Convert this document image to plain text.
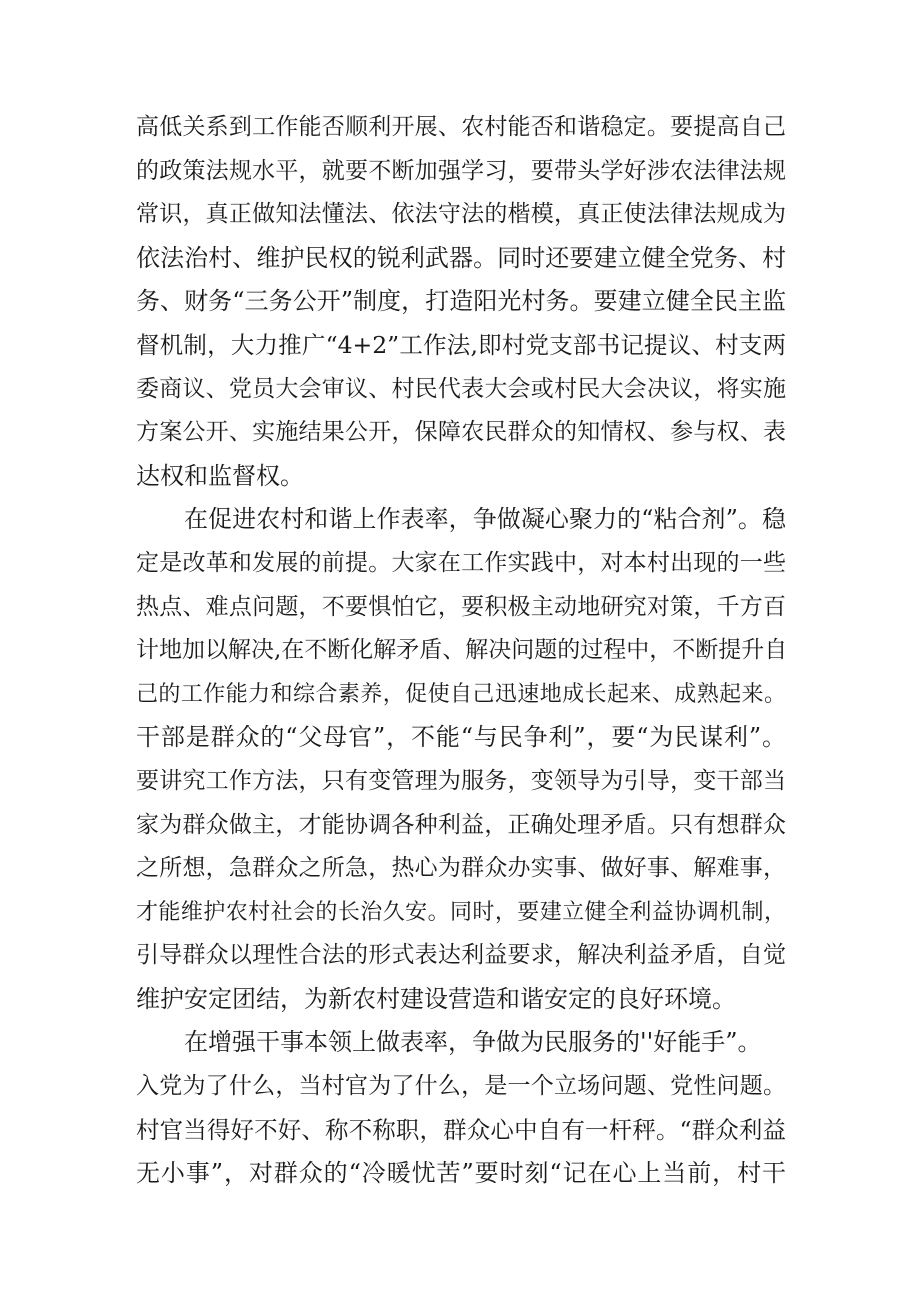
高低关系到工作能否顺利开展、农村能否和谐稳定。要提高自己
的政策法规水平，就要不断加强学习，要带头学好涉农法律法规
常识，真正做知法懂法、依法守法的楷模，真正使法律法规成为
依法治村、维护民权的锐利武器。同时还要建立健全党务、村
务、财务“三务公开”制度，打造阳光村务。要建立健全民主监
督机制，大力推广“4+2”工作法,即村党支部书记提议、村支两
委商议、党员大会审议、村民代表大会或村民大会决议，将实施
方案公开、实施结果公开，保障农民群众的知情权、参与权、表
达权和监督权。
在促进农村和谐上作表率，争做凝心聚力的“粘合剂”。稳
定是改革和发展的前提。大家在工作实践中，对本村出现的一些
热点、难点问题，不要惧怕它，要积极主动地研究对策，千方百
计地加以解决,在不断化解矛盾、解决问题的过程中，不断提升自
己的工作能力和综合素养，促使自己迅速地成长起来、成熟起来。
干部是群众的“父母官”，不能“与民争利”，要“为民谋利”。
要讲究工作方法，只有变管理为服务，变领导为引导，变干部当
家为群众做主，才能协调各种利益，正确处理矛盾。只有想群众
之所想，急群众之所急，热心为群众办实事、做好事、解难事，
才能维护农村社会的长治久安。同时，要建立健全利益协调机制，
引导群众以理性合法的形式表达利益要求，解决利益矛盾，自觉
维护安定团结，为新农村建设营造和谐安定的良好环境。
在增强干事本领上做表率，争做为民服务的''好能手”。
入党为了什么，当村官为了什么，是一个立场问题、党性问题。
村官当得好不好、称不称职，群众心中自有一杆秤。“群众利益
无小事”，对群众的“冷暖忧苦”要时刻“记在心上当前，村干
